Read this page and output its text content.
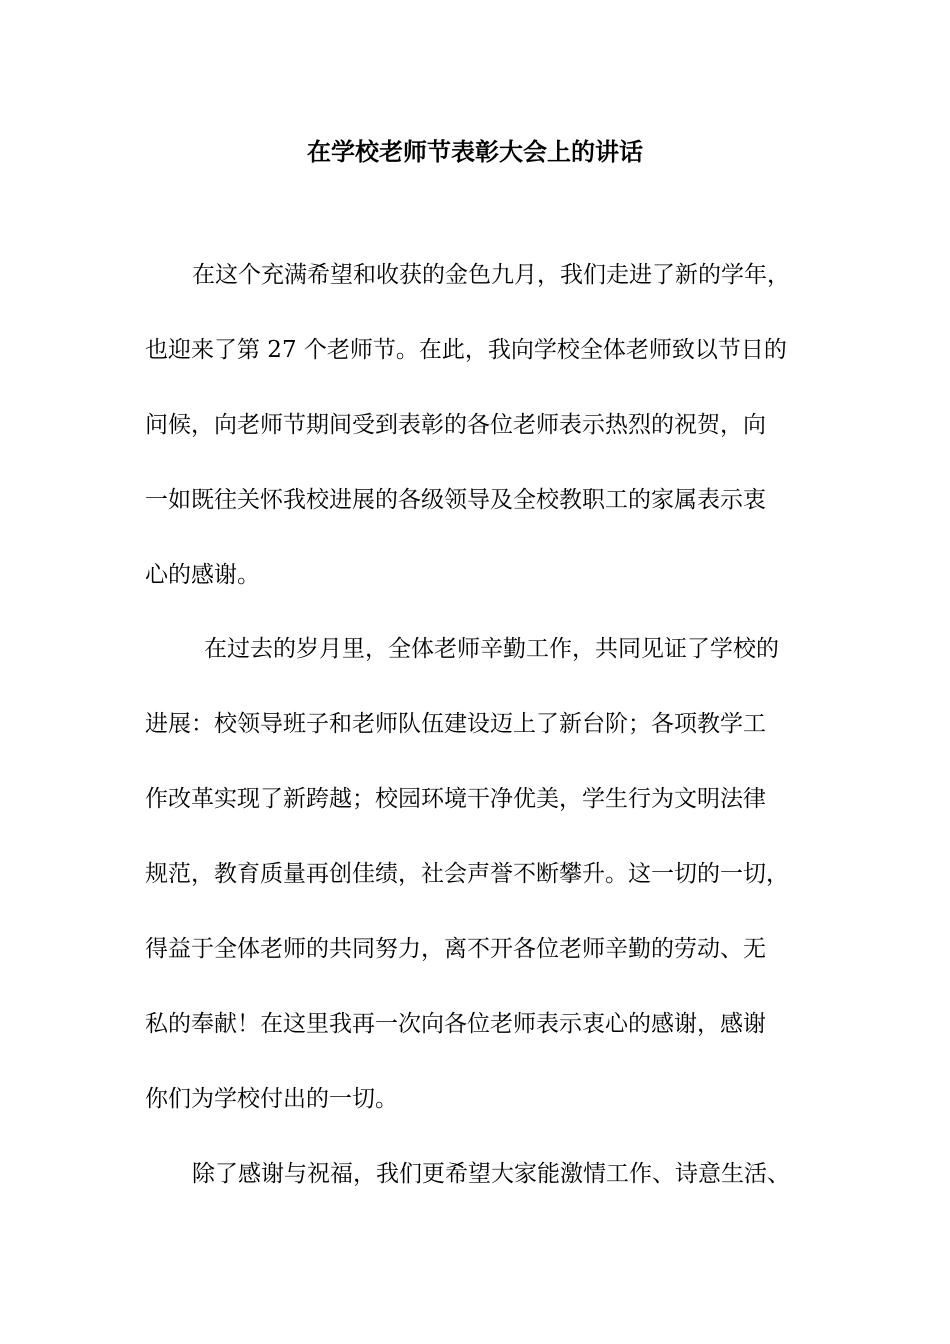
在学校老师节表彰大会上的讲话

在这个充满希望和收获的金色九月，我们走进了新的学年，

也迎来了第 27 个老师节。在此，我向学校全体老师致以节日的

问候，向老师节期间受到表彰的各位老师表示热烈的祝贺，向

一如既往关怀我校进展的各级领导及全校教职工的家属表示衷

心的感谢。

在过去的岁月里，全体老师辛勤工作，共同见证了学校的

进展：校领导班子和老师队伍建设迈上了新台阶；各项教学工

作改革实现了新跨越；校园环境干净优美，学生行为文明法律

规范，教育质量再创佳绩，社会声誉不断攀升。这一切的一切，

得益于全体老师的共同努力，离不开各位老师辛勤的劳动、无

私的奉献！在这里我再一次向各位老师表示衷心的感谢，感谢

你们为学校付出的一切。

除了感谢与祝福，我们更希望大家能激情工作、诗意生活、
